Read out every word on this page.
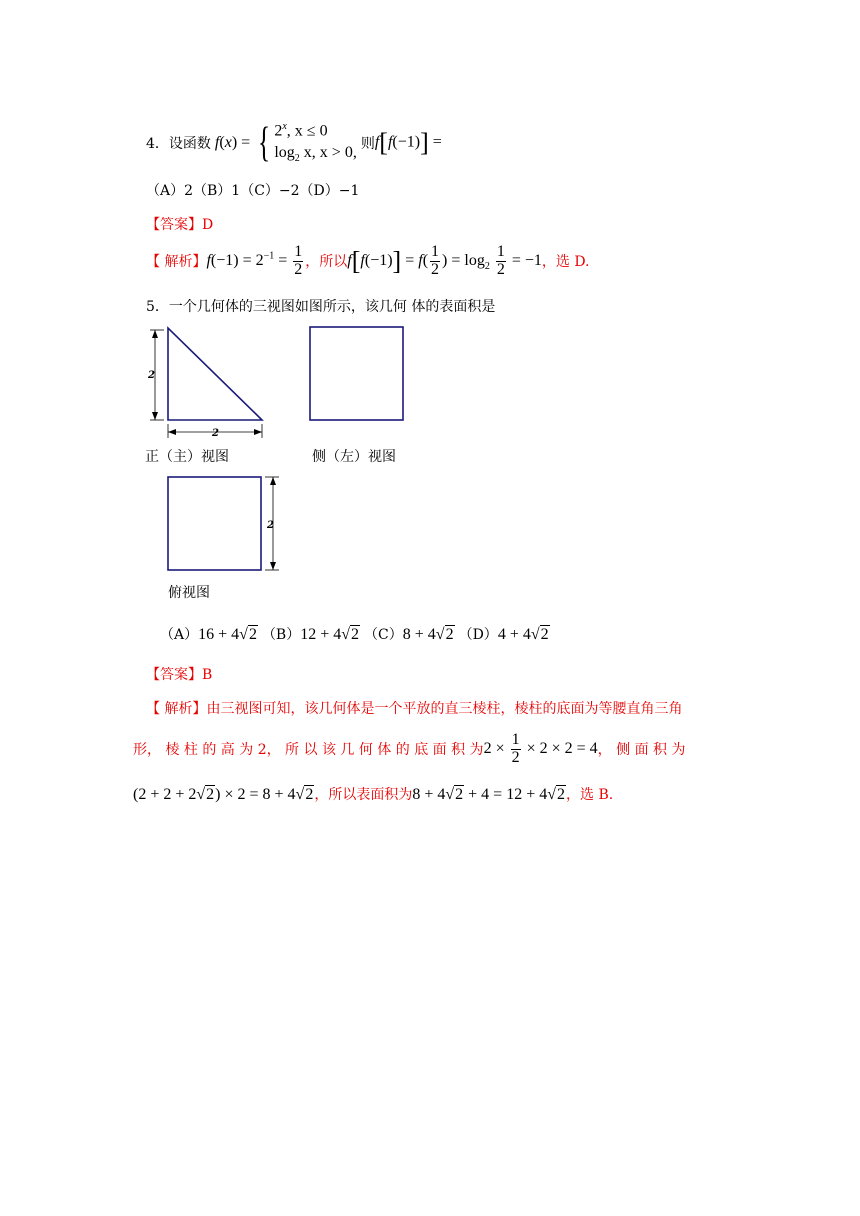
4． 设函数 f(x) = { 2$^x$, x ≤ 0
$\log_2 x$, x > 0,
则 f[f(−1)] =
（A）2（B）1（C）−2（D）−1
【答案】D
【 解析】 $f(-1) = 2^{-1} = \frac{1}{2}$ ，所以 $f[f(-1)] = f( \frac{1}{2}$ ) = $\log_2 \frac{1}{2} = -1$ ，选 D.
5．一个几何体的三视图如图所示，该几何 体的表面积是
2
2
正（主）视图	侧（左）视图
2
俯视图
（A） 16 + 4√2 （B） 12 + 4√2 （C） 8 + 4√2 （D） 4 + 4√2
【答案】B
【 解析】由三视图可知，该几何体是一个平放的直三棱柱，棱柱的底面为等腰直角三角
形， 棱 柱 的 高 为 2， 所 以 该 几 何 体 的 底 面 积 为 $2 \times \frac{1}{2} \times 2 \times 2 = 4$ ， 侧 面 积 为
(2 + 2 + 2√2) × 2 = 8 + 4√2 ，所以表面积为 8 + 4√2 + 4 = 12 + 4√2 ，选 B.
